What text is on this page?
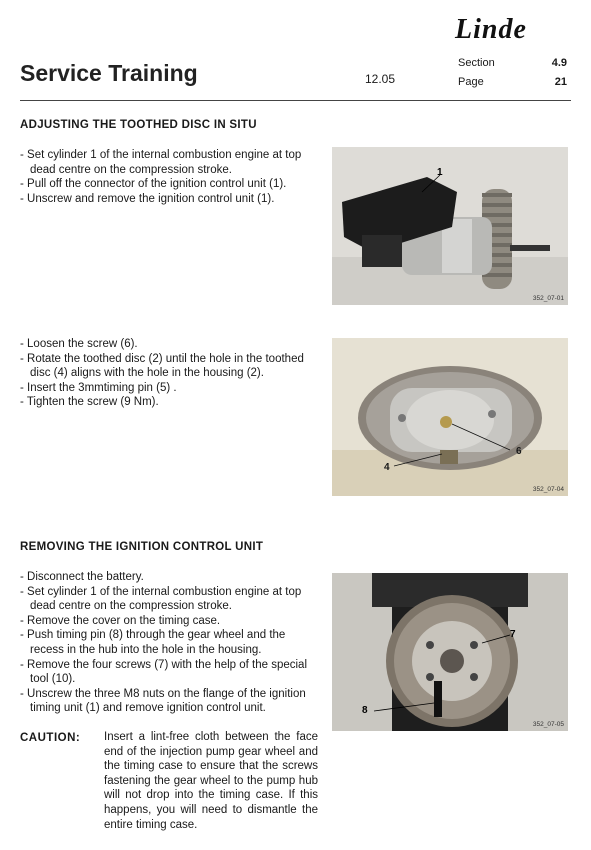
Linde
Service Training	12.05
Section	4.9
Page	21
ADJUSTING THE TOOTHED DISC IN SITU
- Set cylinder 1 of the internal combustion engine at top dead centre on the compression stroke.
- Pull off the connector of the ignition control unit (1).
- Unscrew and remove the ignition control unit (1).
1
352_07-01
- Loosen the screw (6).
- Rotate the toothed disc (2) until the hole in the toothed disc (4) aligns with the hole in the housing (2).
- Insert the 3mmtiming pin (5) .
- Tighten the screw (9 Nm).
6
4
352_07-04
REMOVING THE IGNITION CONTROL UNIT
- Disconnect the battery.
- Set cylinder 1 of the internal combustion engine at top dead centre on the compression stroke.
- Remove the cover on the timing case.
- Push timing pin (8) through the gear wheel and the recess in the hub into the hole in the housing.
- Remove the four screws (7) with the help of the special tool (10).
- Unscrew the three M8 nuts on the flange of the ignition timing unit (1) and remove ignition control unit.
7
8
352_07-05
CAUTION: Insert a lint-free cloth between the face end of the injection pump gear wheel and the timing case to ensure that the screws fastening the gear wheel to the pump hub will not drop into the timing case. If this happens, you will need to dismantle the entire timing case.
